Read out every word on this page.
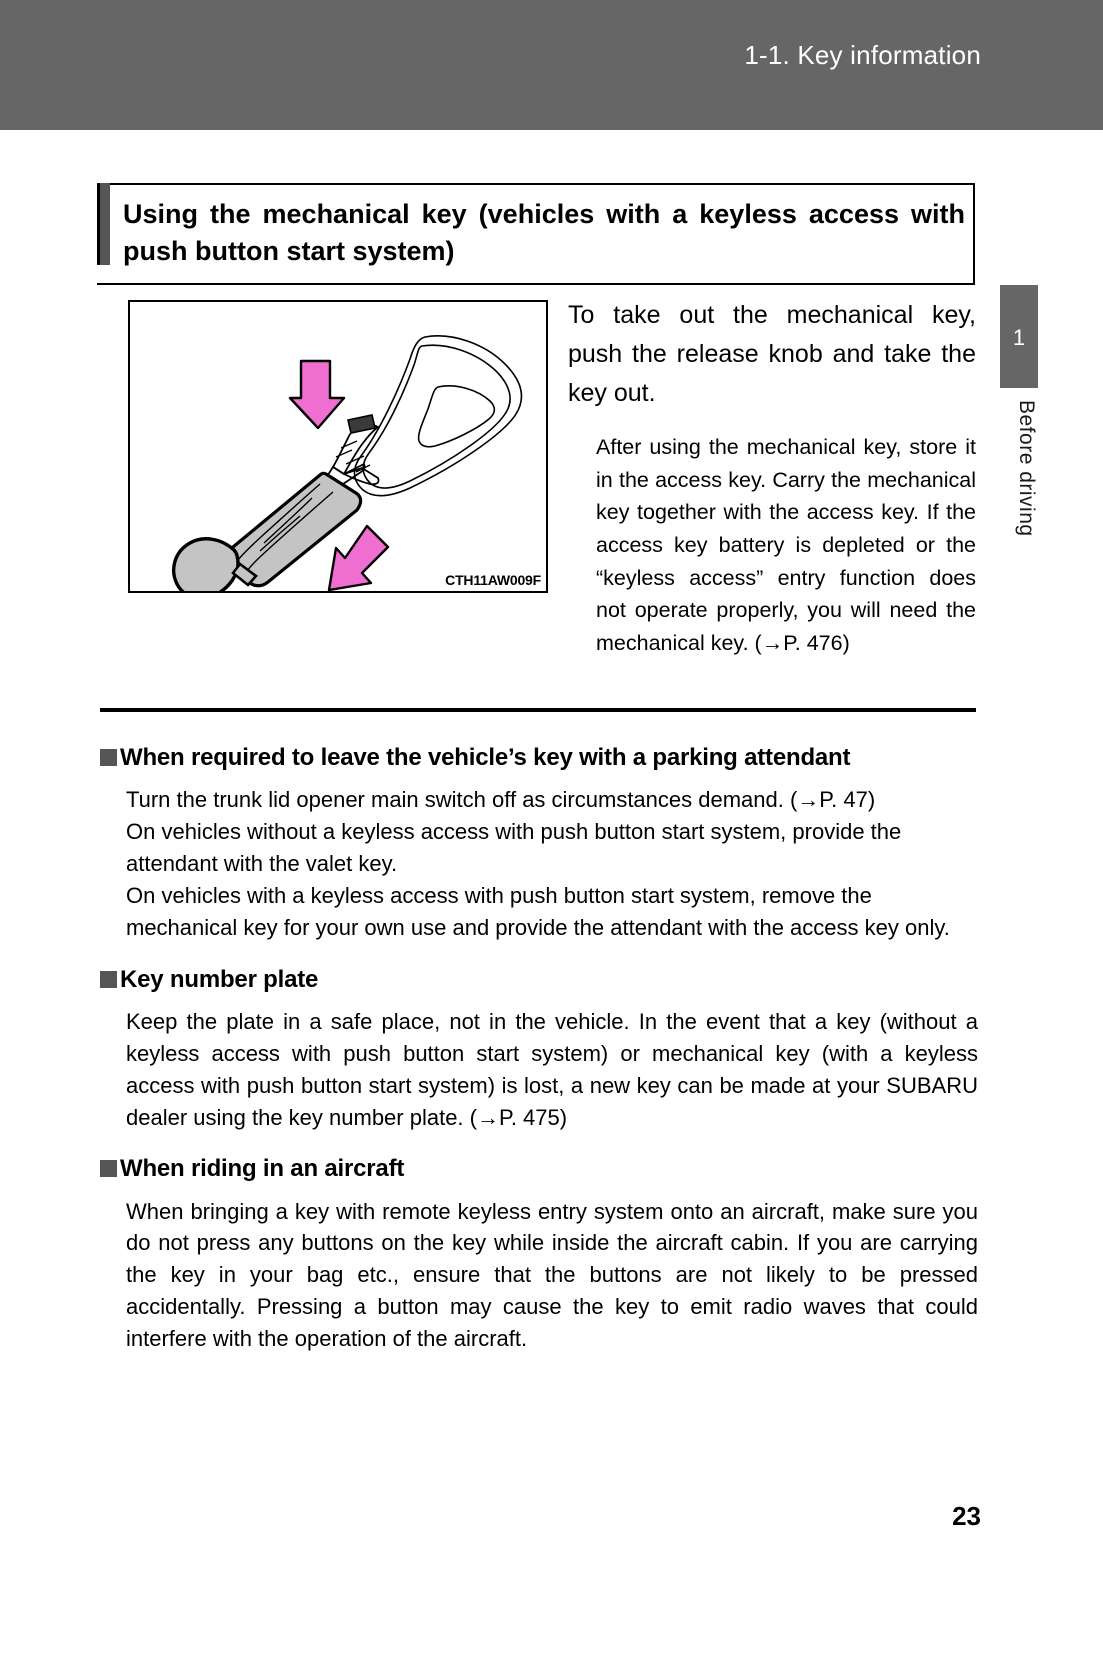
1-1. Key information
1
Before driving
Using the mechanical key (vehicles with a keyless access with push button start system)
CTH11AW009F

To take out the mechanical key, push the release knob and take the key out.

After using the mechanical key, store it in the access key. Carry the mechanical key together with the access key. If the access key battery is depleted or the “keyless access” entry function does not operate properly, you will need the mechanical key. (→P. 476)

When required to leave the vehicle’s key with a parking attendant

Turn the trunk lid opener main switch off as circumstances demand. (→P. 47)

On vehicles without a keyless access with push button start system, provide the attendant with the valet key.

On vehicles with a keyless access with push button start system, remove the mechanical key for your own use and provide the attendant with the access key only.

Key number plate

Keep the plate in a safe place, not in the vehicle. In the event that a key (without a keyless access with push button start system) or mechanical key (with a keyless access with push button start system) is lost, a new key can be made at your SUBARU dealer using the key number plate. (→P. 475)

When riding in an aircraft

When bringing a key with remote keyless entry system onto an aircraft, make sure you do not press any buttons on the key while inside the aircraft cabin. If you are carrying the key in your bag etc., ensure that the buttons are not likely to be pressed accidentally. Pressing a button may cause the key to emit radio waves that could interfere with the operation of the aircraft.

23
